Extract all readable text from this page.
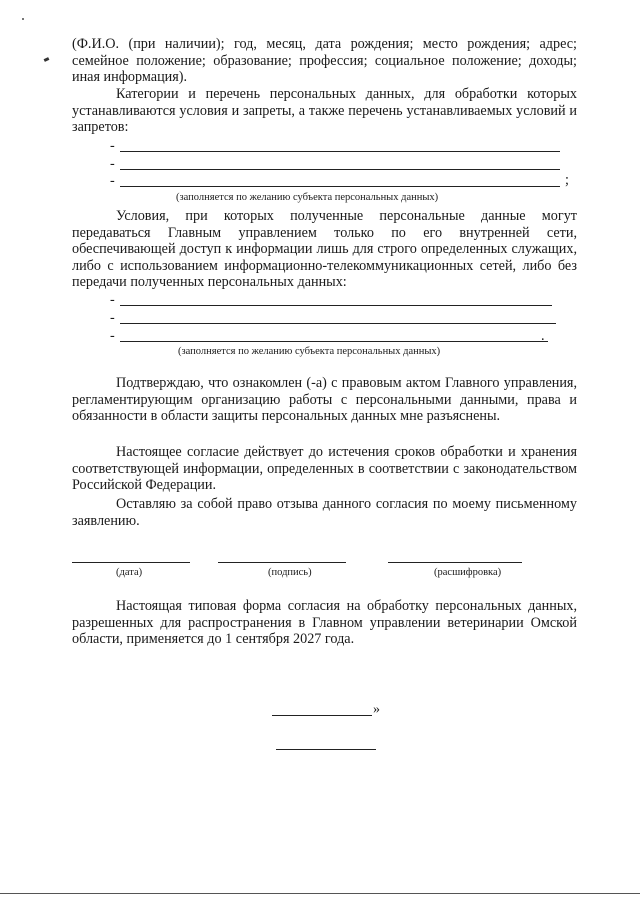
(Ф.И.О. (при наличии); год, месяц, дата рождения; место рождения; адрес; семейное положение; образование; профессия; социальное положение; доходы; иная информация).

Категории и перечень персональных данных, для обработки которых устанавливаются условия и запреты, а также перечень устанавливаемых условий и запретов:

-
-
-	;
(заполняется по желанию субъекта персональных данных)

Условия, при которых полученные персональные данные могут передаваться Главным управлением только по его внутренней сети, обеспечивающей доступ к информации лишь для строго определенных служащих, либо с использованием информационно-телекоммуникационных сетей, либо без передачи полученных персональных данных:

-
-
-	.
(заполняется по желанию субъекта персональных данных)

Подтверждаю, что ознакомлен (-а) с правовым актом Главного управления, регламентирующим организацию работы с персональными данными, права и обязанности в области защиты персональных данных мне разъяснены.

Настоящее согласие действует до истечения сроков обработки и хранения соответствующей информации, определенных в соответствии с законодательством Российской Федерации.

Оставляю за собой право отзыва данного согласия по моему письменному заявлению.

(дата)	(подпись)	(расшифровка)

Настоящая типовая форма согласия на обработку персональных данных, разрешенных для распространения в Главном управлении ветеринарии Омской области, применяется до 1 сентября 2027 года.

»
